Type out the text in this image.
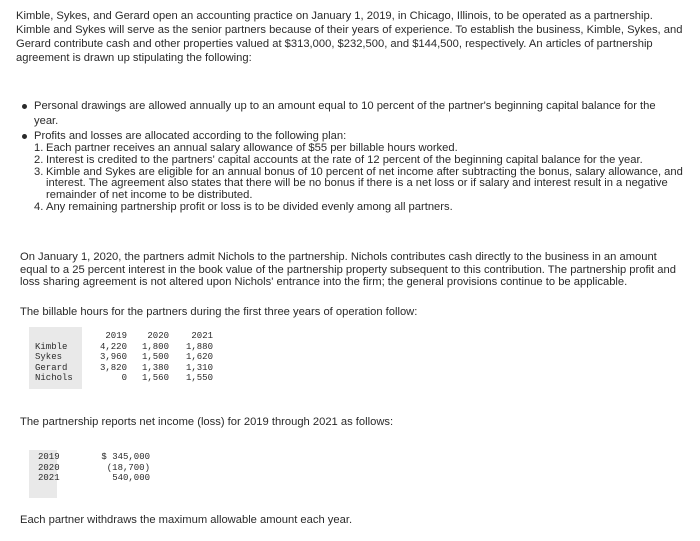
Kimble, Sykes, and Gerard open an accounting practice on January 1, 2019, in Chicago, Illinois, to be operated as a partnership. Kimble and Sykes will serve as the senior partners because of their years of experience. To establish the business, Kimble, Sykes, and Gerard contribute cash and other properties valued at $313,000, $232,500, and $144,500, respectively. An articles of partnership agreement is drawn up stipulating the following:

Personal drawings are allowed annually up to an amount equal to 10 percent of the partner's beginning capital balance for the year.
Profits and losses are allocated according to the following plan:
1. Each partner receives an annual salary allowance of $55 per billable hours worked.
2. Interest is credited to the partners' capital accounts at the rate of 12 percent of the beginning capital balance for the year.
3. Kimble and Sykes are eligible for an annual bonus of 10 percent of net income after subtracting the bonus, salary allowance, and interest. The agreement also states that there will be no bonus if there is a net loss or if salary and interest result in a negative remainder of net income to be distributed.
4. Any remaining partnership profit or loss is to be divided evenly among all partners.

On January 1, 2020, the partners admit Nichols to the partnership. Nichols contributes cash directly to the business in an amount equal to a 25 percent interest in the book value of the partnership property subsequent to this contribution. The partnership profit and loss sharing agreement is not altered upon Nichols' entrance into the firm; the general provisions continue to be applicable.

The billable hours for the partners during the first three years of operation follow:

	2019	2020	2021
Kimble	4,220	1,800	1,880
Sykes	3,960	1,500	1,620
Gerard	3,820	1,380	1,310
Nichols	0	1,560	1,550

The partnership reports net income (loss) for 2019 through 2021 as follows:

2019	$ 345,000
2020	(18,700)
2021	540,000

Each partner withdraws the maximum allowable amount each year.
